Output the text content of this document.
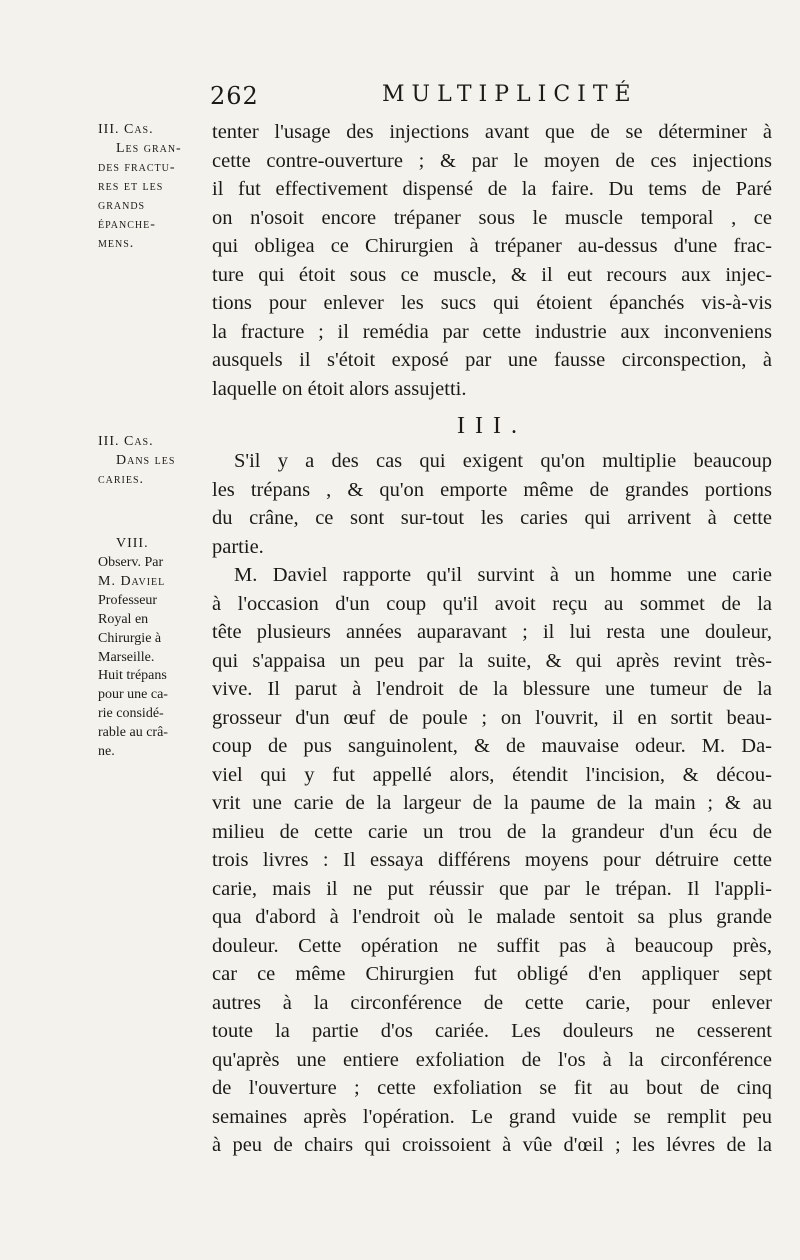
262	MULTIPLICITÉ
III. Cas.
Les gran-
des fractu-
res et les
grands
épanche-
mens.
III. Cas.
Dans les
caries.
VIII.
Observ. Par
M. Daviel
Professeur
Royal en
Chirurgie à
Marseille.
Huit trépans
pour une ca-
rie considé-
rable au crâ-
ne.

tenter l'usage des injections avant que de se déterminer à
cette contre-ouverture ; & par le moyen de ces injections
il fut effectivement dispensé de la faire. Du tems de Paré
on n'osoit encore trépaner sous le muscle temporal , ce
qui obligea ce Chirurgien à trépaner au-dessus d'une frac-
ture qui étoit sous ce muscle, & il eut recours aux injec-
tions pour enlever les sucs qui étoient épanchés vis-à-vis
la fracture ; il remédia par cette industrie aux inconveniens
ausquels il s'étoit exposé par une fausse circonspection, à
laquelle on étoit alors assujetti.

III.

S'il y a des cas qui exigent qu'on multiplie beaucoup
les trépans , & qu'on emporte même de grandes portions
du crâne, ce sont sur-tout les caries qui arrivent à cette
partie.

M. Daviel rapporte qu'il survint à un homme une carie
à l'occasion d'un coup qu'il avoit reçu au sommet de la
tête plusieurs années auparavant ; il lui resta une douleur,
qui s'appaisa un peu par la suite, & qui après revint très-
vive. Il parut à l'endroit de la blessure une tumeur de la
grosseur d'un œuf de poule ; on l'ouvrit, il en sortit beau-
coup de pus sanguinolent, & de mauvaise odeur. M. Da-
viel qui y fut appellé alors, étendit l'incision, & décou-
vrit une carie de la largeur de la paume de la main ; & au
milieu de cette carie un trou de la grandeur d'un écu de
trois livres : Il essaya différens moyens pour détruire cette
carie, mais il ne put réussir que par le trépan. Il l'appli-
qua d'abord à l'endroit où le malade sentoit sa plus grande
douleur. Cette opération ne suffit pas à beaucoup près,
car ce même Chirurgien fut obligé d'en appliquer sept
autres à la circonférence de cette carie, pour enlever
toute la partie d'os cariée. Les douleurs ne cesserent
qu'après une entiere exfoliation de l'os à la circonférence
de l'ouverture ; cette exfoliation se fit au bout de cinq
semaines après l'opération. Le grand vuide se remplit peu
à peu de chairs qui croissoient à vûe d'œil ; les lévres de la
